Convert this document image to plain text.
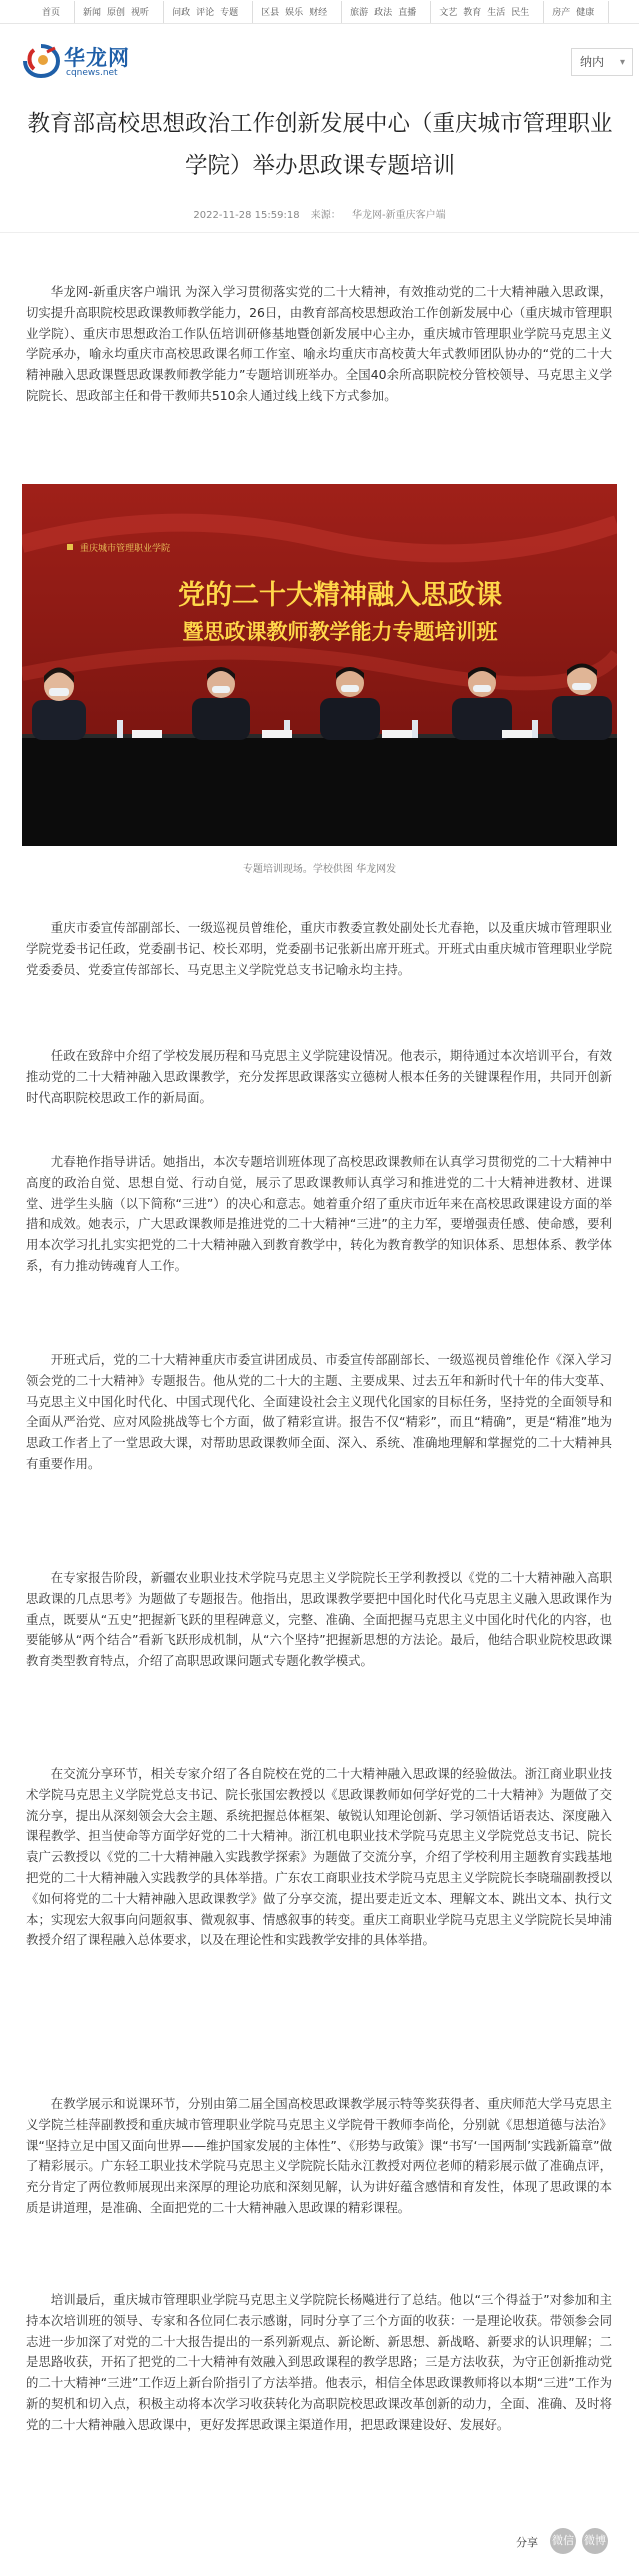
首页	新闻 原创 视听	问政 评论 专题	区县 娱乐 财经	旅游 政法 直播	文艺 教育 生活 民生	房产 健康
华龙网
cqnews.net
纳内 ▾
教育部高校思想政治工作创新发展中心（重庆城市管理职业学院）举办思政课专题培训
2022-11-28 15:59:18 来源： 华龙网-新重庆客户端

华龙网-新重庆客户端讯 为深入学习贯彻落实党的二十大精神，有效推动党的二十大精神融入思政课，切实提升高职院校思政课教师教学能力，26日，由教育部高校思想政治工作创新发展中心（重庆城市管理职业学院）、重庆市思想政治工作队伍培训研修基地暨创新发展中心主办，重庆城市管理职业学院马克思主义学院承办，喻永均重庆市高校思政课名师工作室、喻永均重庆市高校黄大年式教师团队协办的“党的二十大精神融入思政课暨思政课教师教学能力”专题培训班举办。全国40余所高职院校分管校领导、马克思主义学院院长、思政部主任和骨干教师共510余人通过线上线下方式参加。

重庆城市管理职业学院
党的二十大精神融入思政课
暨思政课教师教学能力专题培训班
专题培训现场。学校供图 华龙网发

重庆市委宣传部副部长、一级巡视员曾维伦，重庆市教委宣教处副处长尤春艳，以及重庆城市管理职业学院党委书记任政，党委副书记、校长邓明，党委副书记张新出席开班式。开班式由重庆城市管理职业学院党委委员、党委宣传部部长、马克思主义学院党总支书记喻永均主持。

任政在致辞中介绍了学校发展历程和马克思主义学院建设情况。他表示，期待通过本次培训平台，有效推动党的二十大精神融入思政课教学，充分发挥思政课落实立德树人根本任务的关键课程作用，共同开创新时代高职院校思政工作的新局面。

尤春艳作指导讲话。她指出，本次专题培训班体现了高校思政课教师在认真学习贯彻党的二十大精神中高度的政治自觉、思想自觉、行动自觉，展示了思政课教师认真学习和推进党的二十大精神进教材、进课堂、进学生头脑（以下简称“三进”）的决心和意志。她着重介绍了重庆市近年来在高校思政课建设方面的举措和成效。她表示，广大思政课教师是推进党的二十大精神“三进”的主力军，要增强责任感、使命感，要利用本次学习扎扎实实把党的二十大精神融入到教育教学中，转化为教育教学的知识体系、思想体系、教学体系，有力推动铸魂育人工作。

开班式后，党的二十大精神重庆市委宣讲团成员、市委宣传部副部长、一级巡视员曾维伦作《深入学习领会党的二十大精神》专题报告。他从党的二十大的主题、主要成果、过去五年和新时代十年的伟大变革、马克思主义中国化时代化、中国式现代化、全面建设社会主义现代化国家的目标任务，坚持党的全面领导和全面从严治党、应对风险挑战等七个方面，做了精彩宣讲。报告不仅“精彩”，而且“精确”，更是“精准”地为思政工作者上了一堂思政大课，对帮助思政课教师全面、深入、系统、准确地理解和掌握党的二十大精神具有重要作用。

在专家报告阶段，新疆农业职业技术学院马克思主义学院院长王学利教授以《党的二十大精神融入高职思政课的几点思考》为题做了专题报告。他指出，思政课教学要把中国化时代化马克思主义融入思政课作为重点，既要从“五史”把握新飞跃的里程碑意义，完整、准确、全面把握马克思主义中国化时代化的内容，也要能够从“两个结合”看新飞跃形成机制，从“六个坚持”把握新思想的方法论。最后，他结合职业院校思政课教育类型教育特点，介绍了高职思政课问题式专题化教学模式。

在交流分享环节，相关专家介绍了各自院校在党的二十大精神融入思政课的经验做法。浙江商业职业技术学院马克思主义学院党总支书记、院长张国宏教授以《思政课教师如何学好党的二十大精神》为题做了交流分享，提出从深刻领会大会主题、系统把握总体框架、敏锐认知理论创新、学习领悟话语表达、深度融入课程教学、担当使命等方面学好党的二十大精神。浙江机电职业技术学院马克思主义学院党总支书记、院长袁广云教授以《党的二十大精神融入实践教学探索》为题做了交流分享，介绍了学校利用主题教育实践基地把党的二十大精神融入实践教学的具体举措。广东农工商职业技术学院马克思主义学院院长李晓瑞副教授以《如何将党的二十大精神融入思政课教学》做了分享交流，提出要走近文本、理解文本、跳出文本、执行文本；实现宏大叙事向问题叙事、微观叙事、情感叙事的转变。重庆工商职业学院马克思主义学院院长吴坤浦教授介绍了课程融入总体要求，以及在理论性和实践教学安排的具体举措。

在教学展示和说课环节，分别由第二届全国高校思政课教学展示特等奖获得者、重庆师范大学马克思主义学院兰桂萍副教授和重庆城市管理职业学院马克思主义学院骨干教师李尚伦，分别就《思想道德与法治》课“坚持立足中国又面向世界——维护国家发展的主体性”、《形势与政策》课“书写‘一国两制’实践新篇章”做了精彩展示。广东轻工职业技术学院马克思主义学院院长陆永江教授对两位老师的精彩展示做了准确点评，充分肯定了两位教师展现出来深厚的理论功底和深刻见解，认为讲好蕴含感情和育发性，体现了思政课的本质是讲道理，是准确、全面把党的二十大精神融入思政课的精彩课程。

培训最后，重庆城市管理职业学院马克思主义学院院长杨飚进行了总结。他以“三个得益于”对参加和主持本次培训班的领导、专家和各位同仁表示感谢，同时分享了三个方面的收获：一是理论收获。带领参会同志进一步加深了对党的二十大报告提出的一系列新观点、新论断、新思想、新战略、新要求的认识理解；二是思路收获，开拓了把党的二十大精神有效融入到思政课程的教学思路；三是方法收获，为守正创新推动党的二十大精神“三进”工作迈上新台阶指引了方法举措。他表示，相信全体思政课教师将以本期“三进”工作为新的契机和切入点，积极主动将本次学习收获转化为高职院校思政课改革创新的动力，全面、准确、及时将党的二十大精神融入思政课中，更好发挥思政课主渠道作用，把思政课建设好、发展好。

分享 微信 微博
